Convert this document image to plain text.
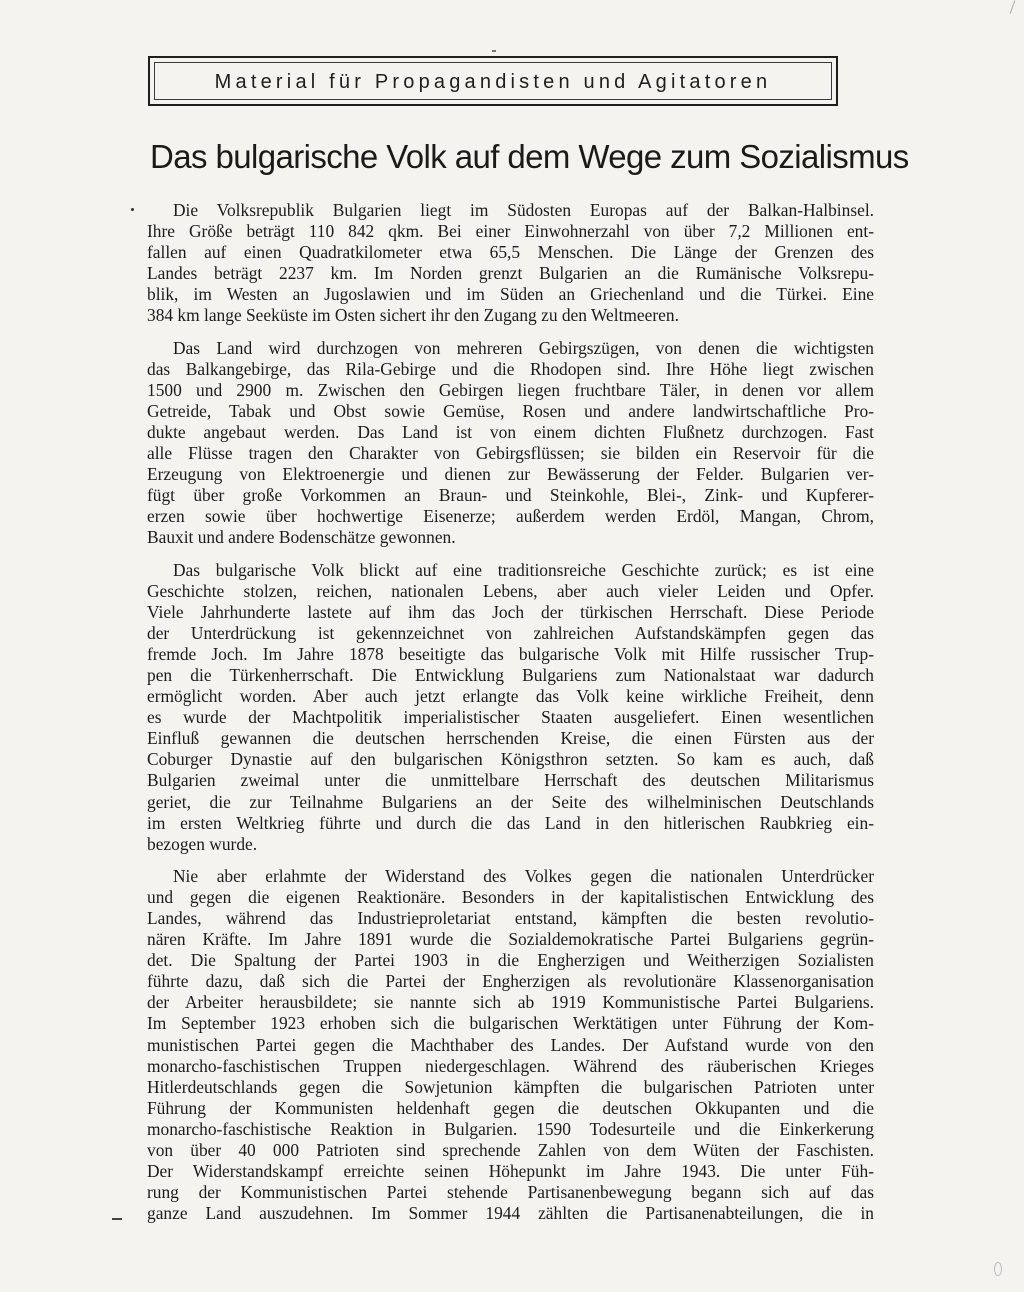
Material für Propagandisten und Agitatoren
Das bulgarische Volk auf dem Wege zum Sozialismus
Die Volksrepublik Bulgarien liegt im Südosten Europas auf der Balkan-Halbinsel.
Ihre Größe beträgt 110 842 qkm. Bei einer Einwohnerzahl von über 7,2 Millionen ent-
fallen auf einen Quadratkilometer etwa 65,5 Menschen. Die Länge der Grenzen des
Landes beträgt 2237 km. Im Norden grenzt Bulgarien an die Rumänische Volksrepu-
blik, im Westen an Jugoslawien und im Süden an Griechenland und die Türkei. Eine
384 km lange Seeküste im Osten sichert ihr den Zugang zu den Weltmeeren.
Das Land wird durchzogen von mehreren Gebirgszügen, von denen die wichtigsten
das Balkangebirge, das Rila-Gebirge und die Rhodopen sind. Ihre Höhe liegt zwischen
1500 und 2900 m. Zwischen den Gebirgen liegen fruchtbare Täler, in denen vor allem
Getreide, Tabak und Obst sowie Gemüse, Rosen und andere landwirtschaftliche Pro-
dukte angebaut werden. Das Land ist von einem dichten Flußnetz durchzogen. Fast
alle Flüsse tragen den Charakter von Gebirgsflüssen; sie bilden ein Reservoir für die
Erzeugung von Elektroenergie und dienen zur Bewässerung der Felder. Bulgarien ver-
fügt über große Vorkommen an Braun- und Steinkohle, Blei-, Zink- und Kupferer-
erzen sowie über hochwertige Eisenerze; außerdem werden Erdöl, Mangan, Chrom,
Bauxit und andere Bodenschätze gewonnen.
Das bulgarische Volk blickt auf eine traditionsreiche Geschichte zurück; es ist eine
Geschichte stolzen, reichen, nationalen Lebens, aber auch vieler Leiden und Opfer.
Viele Jahrhunderte lastete auf ihm das Joch der türkischen Herrschaft. Diese Periode
der Unterdrückung ist gekennzeichnet von zahlreichen Aufstandskämpfen gegen das
fremde Joch. Im Jahre 1878 beseitigte das bulgarische Volk mit Hilfe russischer Trup-
pen die Türkenherrschaft. Die Entwicklung Bulgariens zum Nationalstaat war dadurch
ermöglicht worden. Aber auch jetzt erlangte das Volk keine wirkliche Freiheit, denn
es wurde der Machtpolitik imperialistischer Staaten ausgeliefert. Einen wesentlichen
Einfluß gewannen die deutschen herrschenden Kreise, die einen Fürsten aus der
Coburger Dynastie auf den bulgarischen Königsthron setzten. So kam es auch, daß
Bulgarien zweimal unter die unmittelbare Herrschaft des deutschen Militarismus
geriet, die zur Teilnahme Bulgariens an der Seite des wilhelminischen Deutschlands
im ersten Weltkrieg führte und durch die das Land in den hitlerischen Raubkrieg ein-
bezogen wurde.
Nie aber erlahmte der Widerstand des Volkes gegen die nationalen Unterdrücker
und gegen die eigenen Reaktionäre. Besonders in der kapitalistischen Entwicklung des
Landes, während das Industrieproletariat entstand, kämpften die besten revolutio-
nären Kräfte. Im Jahre 1891 wurde die Sozialdemokratische Partei Bulgariens gegrün-
det. Die Spaltung der Partei 1903 in die Engherzigen und Weitherzigen Sozialisten
führte dazu, daß sich die Partei der Engherzigen als revolutionäre Klassenorganisation
der Arbeiter herausbildete; sie nannte sich ab 1919 Kommunistische Partei Bulgariens.
Im September 1923 erhoben sich die bulgarischen Werktätigen unter Führung der Kom-
munistischen Partei gegen die Machthaber des Landes. Der Aufstand wurde von den
monarcho-faschistischen Truppen niedergeschlagen. Während des räuberischen Krieges
Hitlerdeutschlands gegen die Sowjetunion kämpften die bulgarischen Patrioten unter
Führung der Kommunisten heldenhaft gegen die deutschen Okkupanten und die
monarcho-faschistische Reaktion in Bulgarien. 1590 Todesurteile und die Einkerkerung
von über 40 000 Patrioten sind sprechende Zahlen von dem Wüten der Faschisten.
Der Widerstandskampf erreichte seinen Höhepunkt im Jahre 1943. Die unter Füh-
rung der Kommunistischen Partei stehende Partisanenbewegung begann sich auf das
ganze Land auszudehnen. Im Sommer 1944 zählten die Partisanenabteilungen, die in
